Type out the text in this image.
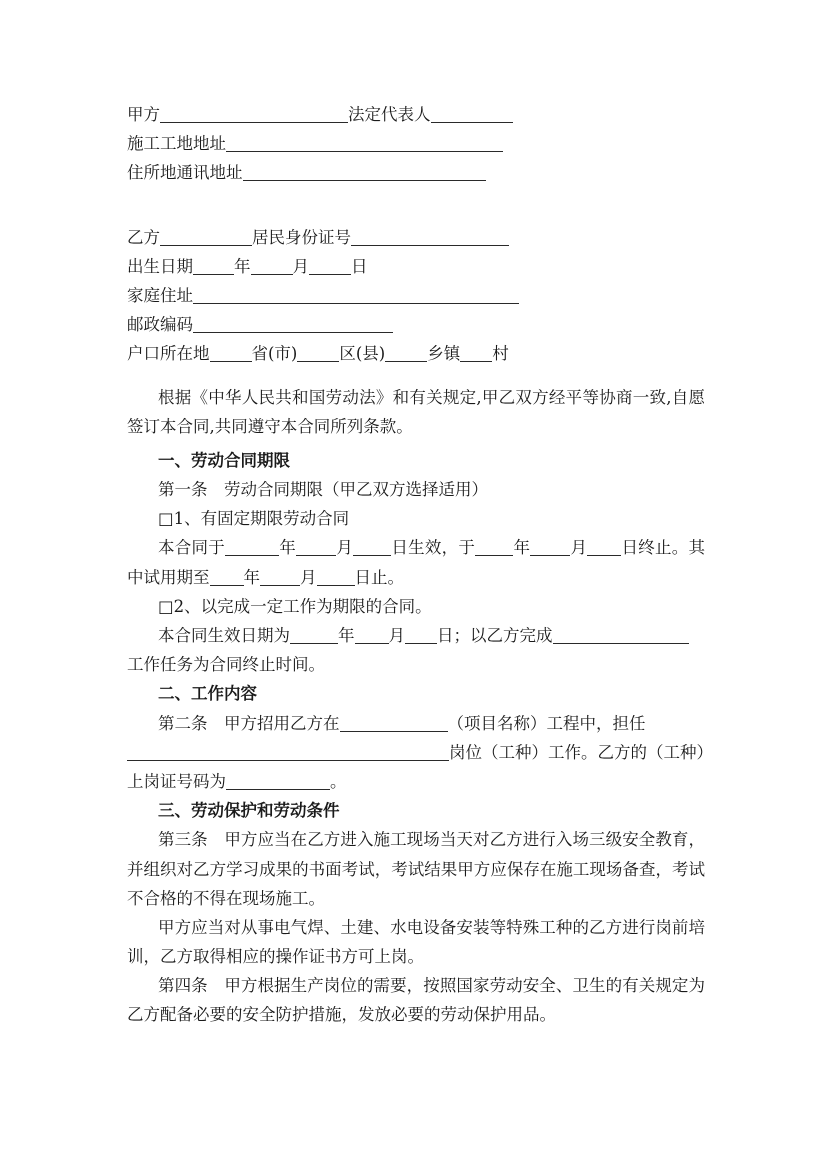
甲方	法定代表人
施工工地地址
住所地通讯地址
乙方	居民身份证号
出生日期 年	月	日
家庭住址
邮政编码
户口所在地	省(市)	区(县)	乡镇 村
根据《中华人民共和国劳动法》和有关规定,甲乙双方经平等协商一致,自愿
签订本合同,共同遵守本合同所列条款。
一、劳动合同期限
第一条　劳动合同期限（甲乙双方选择适用）
□1、有固定期限劳动合同
本合同于	年 月 日生效，于 年 月 日终止。其
中试用期至 年 月 日止。
□2、以完成一定工作为期限的合同。
本合同生效日期为	年 月 日；以乙方完成
工作任务为合同终止时间。
二、工作内容
第二条　甲方招用乙方在	（项目名称）工程中，担任
岗位（工种）工作。乙方的（工种）
上岗证号码为	。
三、劳动保护和劳动条件
第三条　甲方应当在乙方进入施工现场当天对乙方进行入场三级安全教育，
并组织对乙方学习成果的书面考试，考试结果甲方应保存在施工现场备查，考试
不合格的不得在现场施工。
甲方应当对从事电气焊、土建、水电设备安装等特殊工种的乙方进行岗前培
训，乙方取得相应的操作证书方可上岗。
第四条　甲方根据生产岗位的需要，按照国家劳动安全、卫生的有关规定为
乙方配备必要的安全防护措施，发放必要的劳动保护用品。
